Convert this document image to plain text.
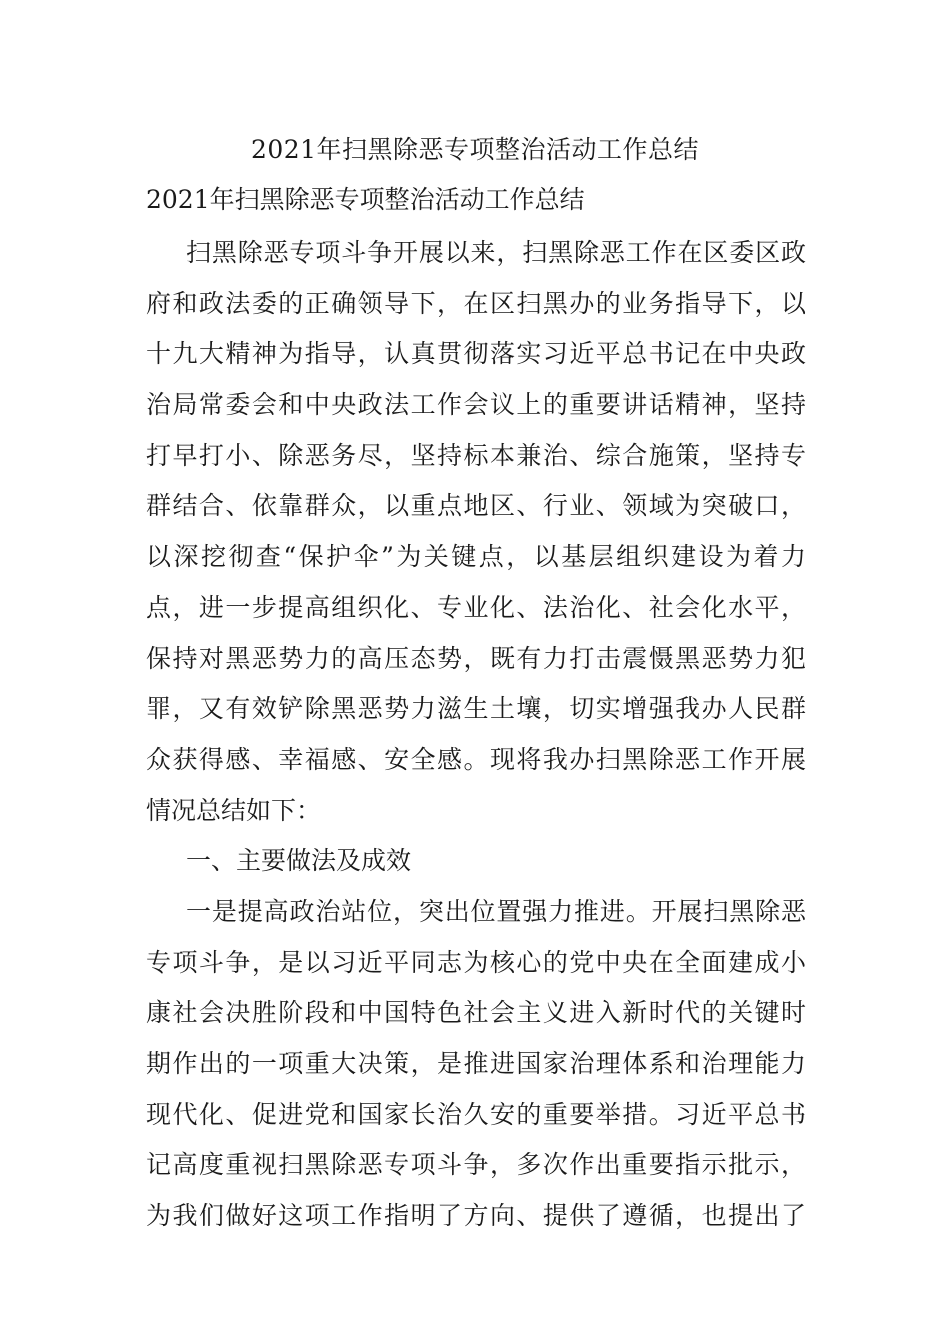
2021年扫黑除恶专项整治活动工作总结
2021年扫黑除恶专项整治活动工作总结
扫黑除恶专项斗争开展以来，扫黑除恶工作在区委区政
府和政法委的正确领导下，在区扫黑办的业务指导下，以
十九大精神为指导，认真贯彻落实习近平总书记在中央政
治局常委会和中央政法工作会议上的重要讲话精神，坚持
打早打小、除恶务尽，坚持标本兼治、综合施策，坚持专
群结合、依靠群众，以重点地区、行业、领域为突破口，
以深挖彻查“保护伞”为关键点，以基层组织建设为着力
点，进一步提高组织化、专业化、法治化、社会化水平，
保持对黑恶势力的高压态势，既有力打击震慑黑恶势力犯
罪，又有效铲除黑恶势力滋生土壤，切实增强我办人民群
众获得感、幸福感、安全感。现将我办扫黑除恶工作开展
情况总结如下：
一、主要做法及成效
一是提高政治站位，突出位置强力推进。开展扫黑除恶
专项斗争，是以习近平同志为核心的党中央在全面建成小
康社会决胜阶段和中国特色社会主义进入新时代的关键时
期作出的一项重大决策，是推进国家治理体系和治理能力
现代化、促进党和国家长治久安的重要举措。习近平总书
记高度重视扫黑除恶专项斗争，多次作出重要指示批示，
为我们做好这项工作指明了方向、提供了遵循，也提出了
